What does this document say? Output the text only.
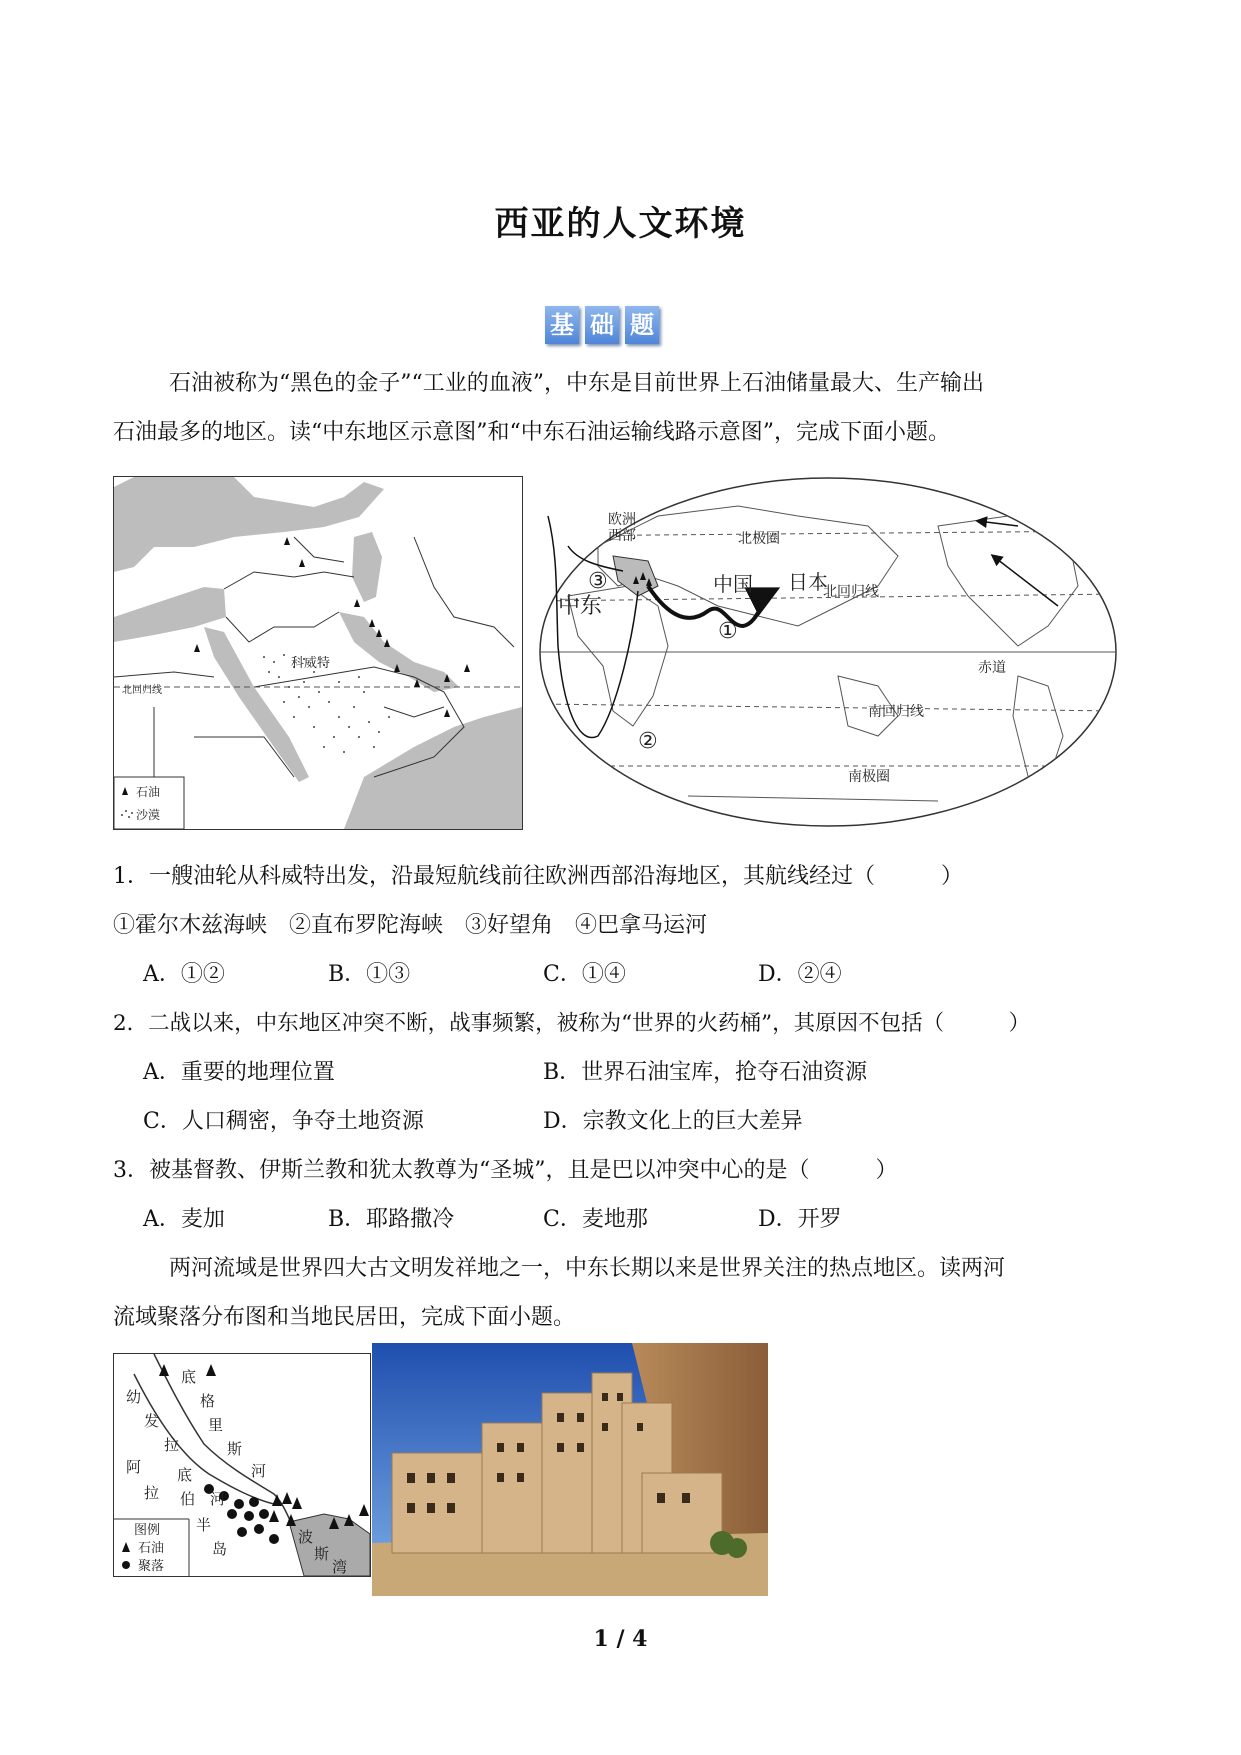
西亚的人文环境
基 础 题
石油被称为“黑色的金子”“工业的血液”，中东是目前世界上石油储量最大、生产输出
石油最多的地区。读“中东地区示意图”和“中东石油运输线路示意图”，完成下面小题。
科威特
北回归线
石油
沙漠
欧洲
西部
中东
中国 日本
北极圈
北回归线
赤道
南回归线
南极圈
①
②
③
1．一艘油轮从科威特出发，沿最短航线前往欧洲西部沿海地区，其航线经过（　　　）
①霍尔木兹海峡　②直布罗陀海峡　③好望角　④巴拿马运河
A．①②	B．①③	C．①④	D．②④
2．二战以来，中东地区冲突不断，战事频繁，被称为“世界的火药桶”，其原因不包括（　　　）
A．重要的地理位置	B．世界石油宝库，抢夺石油资源
C．人口稠密，争夺土地资源	D．宗教文化上的巨大差异
3．被基督教、伊斯兰教和犹太教尊为“圣城”，且是巴以冲突中心的是（　　　）
A．麦加	B．耶路撒冷	C．麦地那	D．开罗
两河流域是世界四大古文明发祥地之一，中东长期以来是世界关注的热点地区。读两河
流域聚落分布图和当地民居田，完成下面小题。
底
格
里
斯
河
幼
发
拉
底
河
阿
拉 伯
半
岛
波
斯
湾
图例
石油
聚落
1 / 4
